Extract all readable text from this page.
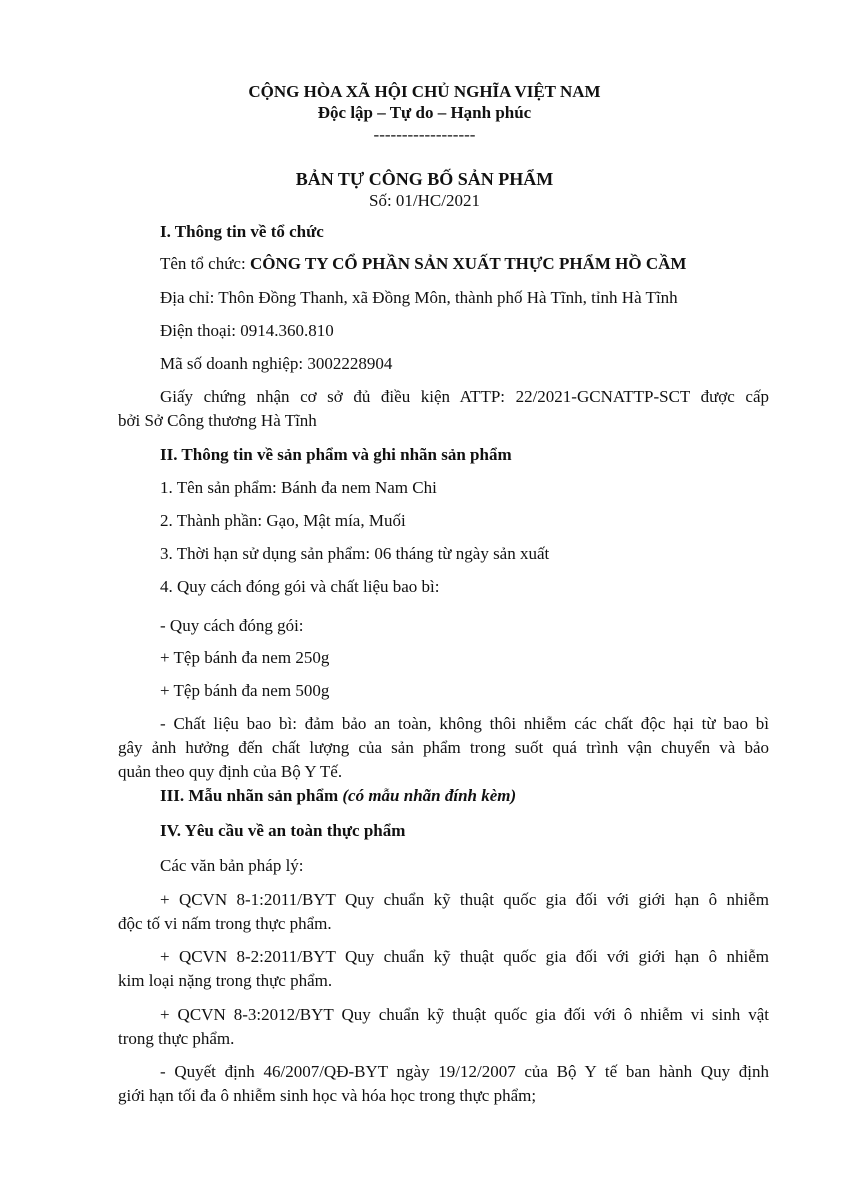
CỘNG HÒA XÃ HỘI CHỦ NGHĨA VIỆT NAM
Độc lập – Tự do – Hạnh phúc
------------------
BẢN TỰ CÔNG BỐ SẢN PHẨM
Số: 01/HC/2021
I. Thông tin về tổ chức
Tên tổ chức: CÔNG TY CỔ PHẦN SẢN XUẤT THỰC PHẨM HỒ CẦM
Địa chỉ: Thôn Đồng Thanh, xã Đồng Môn, thành phố Hà Tĩnh, tỉnh Hà Tĩnh
Điện thoại: 0914.360.810
Mã số doanh nghiệp: 3002228904
Giấy chứng nhận cơ sở đủ điều kiện ATTP: 22/2021-GCNATTP-SCT được cấp
bởi Sở Công thương Hà Tĩnh
II. Thông tin về sản phẩm và ghi nhãn sản phẩm
1. Tên sản phẩm: Bánh đa nem Nam Chi
2. Thành phần: Gạo, Mật mía, Muối
3. Thời hạn sử dụng sản phẩm: 06 tháng từ ngày sản xuất
4. Quy cách đóng gói và chất liệu bao bì:
- Quy cách đóng gói:
+ Tệp bánh đa nem 250g
+ Tệp bánh đa nem 500g
- Chất liệu bao bì: đảm bảo an toàn, không thôi nhiễm các chất độc hại từ bao bì
gây ảnh hưởng đến chất lượng của sản phẩm trong suốt quá trình vận chuyển và bảo
quản theo quy định của Bộ Y Tế.
III. Mẫu nhãn sản phẩm (có mẫu nhãn đính kèm)
IV. Yêu cầu về an toàn thực phẩm
Các văn bản pháp lý:
+ QCVN 8-1:2011/BYT Quy chuẩn kỹ thuật quốc gia đối với giới hạn ô nhiễm
độc tố vi nấm trong thực phẩm.
+ QCVN 8-2:2011/BYT Quy chuẩn kỹ thuật quốc gia đối với giới hạn ô nhiễm
kim loại nặng trong thực phẩm.
+ QCVN 8-3:2012/BYT Quy chuẩn kỹ thuật quốc gia đối với ô nhiễm vi sinh vật
trong thực phẩm.
- Quyết định 46/2007/QĐ-BYT ngày 19/12/2007 của Bộ Y tế ban hành Quy định
giới hạn tối đa ô nhiễm sinh học và hóa học trong thực phẩm;
